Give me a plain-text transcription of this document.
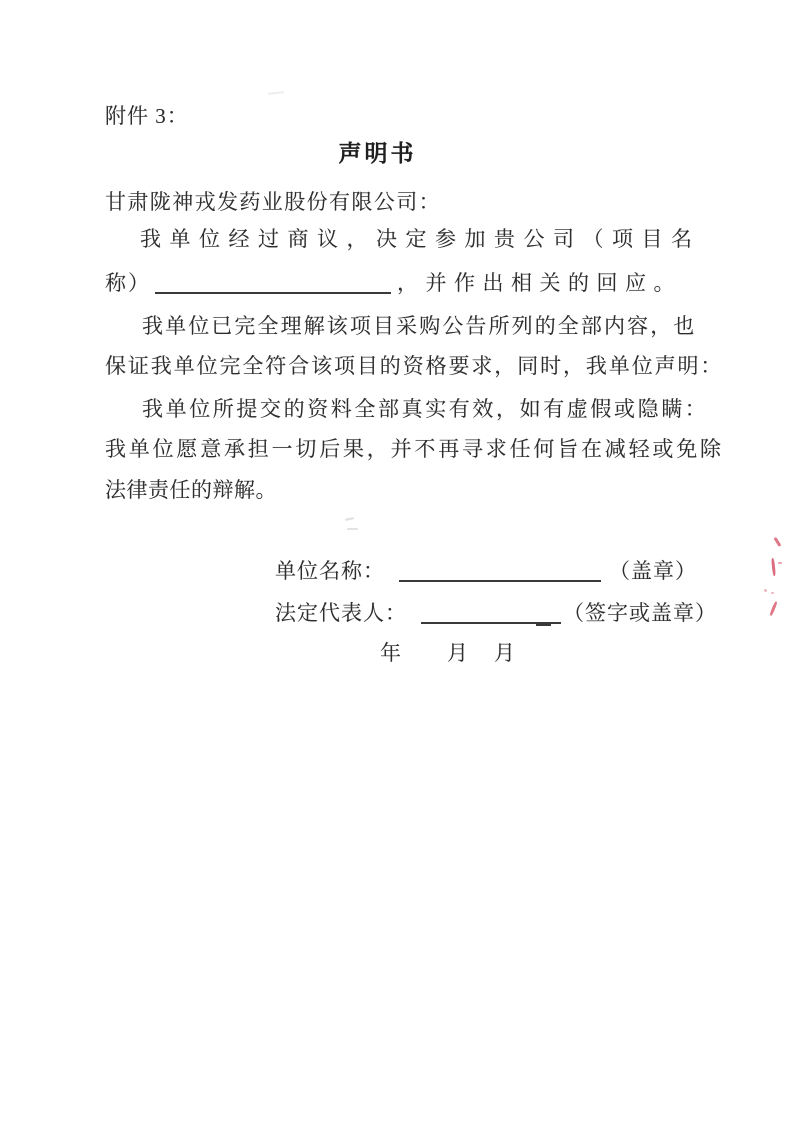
附件 3：
声明书
甘肃陇神戎发药业股份有限公司：
我单位经过商议，决定参加贵公司（项目名
称）	，并作出相关的回应。
我单位已完全理解该项目采购公告所列的全部内容，也
保证我单位完全符合该项目的资格要求，同时，我单位声明：
我单位所提交的资料全部真实有效，如有虚假或隐瞒：
我单位愿意承担一切后果，并不再寻求任何旨在减轻或免除
法律责任的辩解。
单位名称：	（盖章）
法定代表人：	（签字或盖章）
年 月 月
